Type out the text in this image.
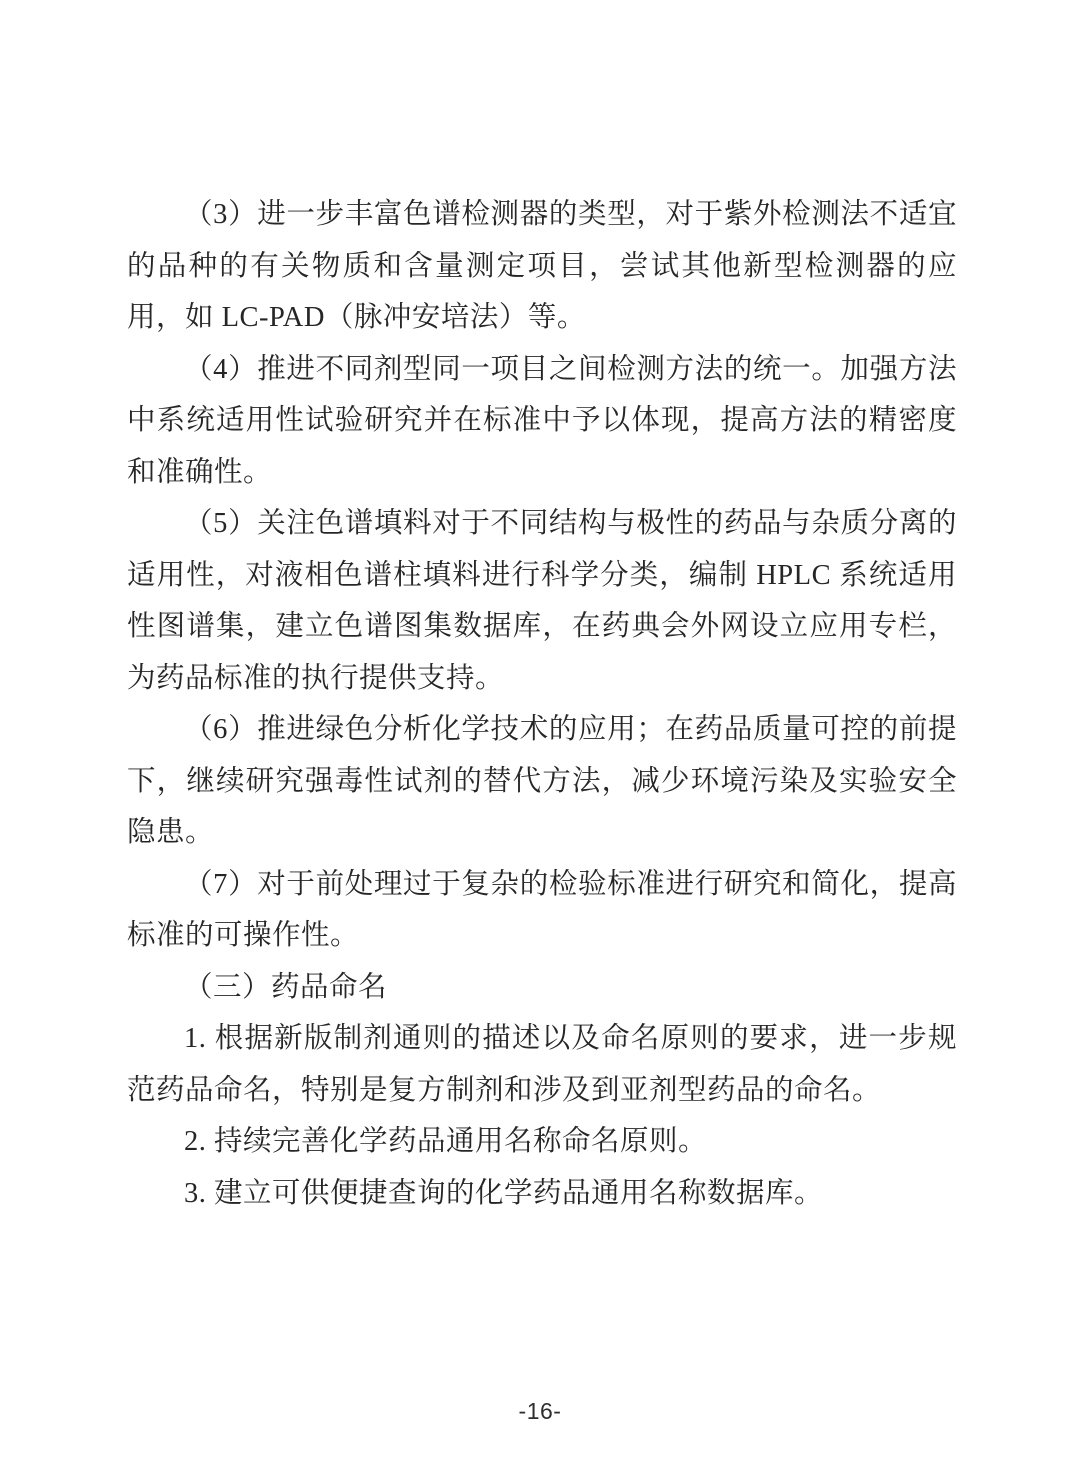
（3）进一步丰富色谱检测器的类型，对于紫外检测法不适宜的品种的有关物质和含量测定项目，尝试其他新型检测器的应用，如 LC-PAD（脉冲安培法）等。

（4）推进不同剂型同一项目之间检测方法的统一。加强方法中系统适用性试验研究并在标准中予以体现，提高方法的精密度和准确性。

（5）关注色谱填料对于不同结构与极性的药品与杂质分离的适用性，对液相色谱柱填料进行科学分类，编制 HPLC 系统适用性图谱集，建立色谱图集数据库，在药典会外网设立应用专栏，为药品标准的执行提供支持。

（6）推进绿色分析化学技术的应用；在药品质量可控的前提下，继续研究强毒性试剂的替代方法，减少环境污染及实验安全隐患。

（7）对于前处理过于复杂的检验标准进行研究和简化，提高标准的可操作性。

（三）药品命名

1. 根据新版制剂通则的描述以及命名原则的要求，进一步规范药品命名，特别是复方制剂和涉及到亚剂型药品的命名。

2. 持续完善化学药品通用名称命名原则。

3. 建立可供便捷查询的化学药品通用名称数据库。

-16-
